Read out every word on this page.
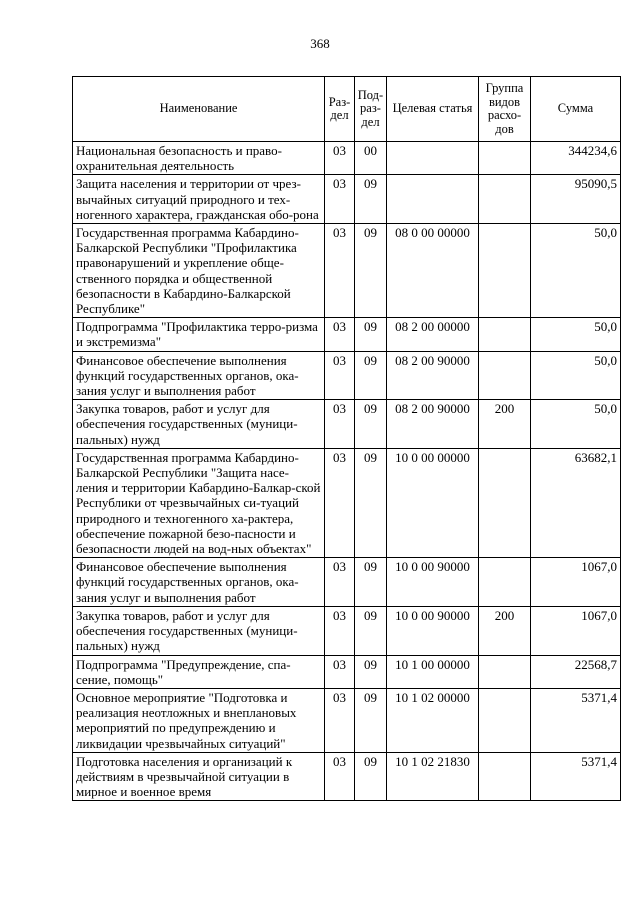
368
Наименование	Раз-дел	Под-раз-дел	Целевая статья	Группа видов расхо-дов	Сумма
Национальная безопасность и право-охранительная деятельность	03	00			344234,6
Защита населения и территории от чрез-вычайных ситуаций природного и тех-ногенного характера, гражданская обо-рона	03	09			95090,5
Государственная программа Кабардино-Балкарской Республики "Профилактика правонарушений и укрепление обще-ственного порядка и общественной безопасности в Кабардино-Балкарской Республике"	03	09	08 0 00 00000		50,0
Подпрограмма "Профилактика терро-ризма и экстремизма"	03	09	08 2 00 00000		50,0
Финансовое обеспечение выполнения функций государственных органов, ока-зания услуг и выполнения работ	03	09	08 2 00 90000		50,0
Закупка товаров, работ и услуг для обеспечения государственных (муници-пальных) нужд	03	09	08 2 00 90000	200	50,0
Государственная программа Кабардино-Балкарской Республики "Защита насе-ления и территории Кабардино-Балкар-ской Республики от чрезвычайных си-туаций природного и техногенного ха-рактера, обеспечение пожарной безо-пасности и безопасности людей на вод-ных объектах"	03	09	10 0 00 00000		63682,1
Финансовое обеспечение выполнения функций государственных органов, ока-зания услуг и выполнения работ	03	09	10 0 00 90000		1067,0
Закупка товаров, работ и услуг для обеспечения государственных (муници-пальных) нужд	03	09	10 0 00 90000	200	1067,0
Подпрограмма "Предупреждение, спа-сение, помощь"	03	09	10 1 00 00000		22568,7
Основное мероприятие "Подготовка и реализация неотложных и внеплановых мероприятий по предупреждению и ликвидации чрезвычайных ситуаций"	03	09	10 1 02 00000		5371,4
Подготовка населения и организаций к действиям в чрезвычайной ситуации в мирное и военное время	03	09	10 1 02 21830		5371,4
